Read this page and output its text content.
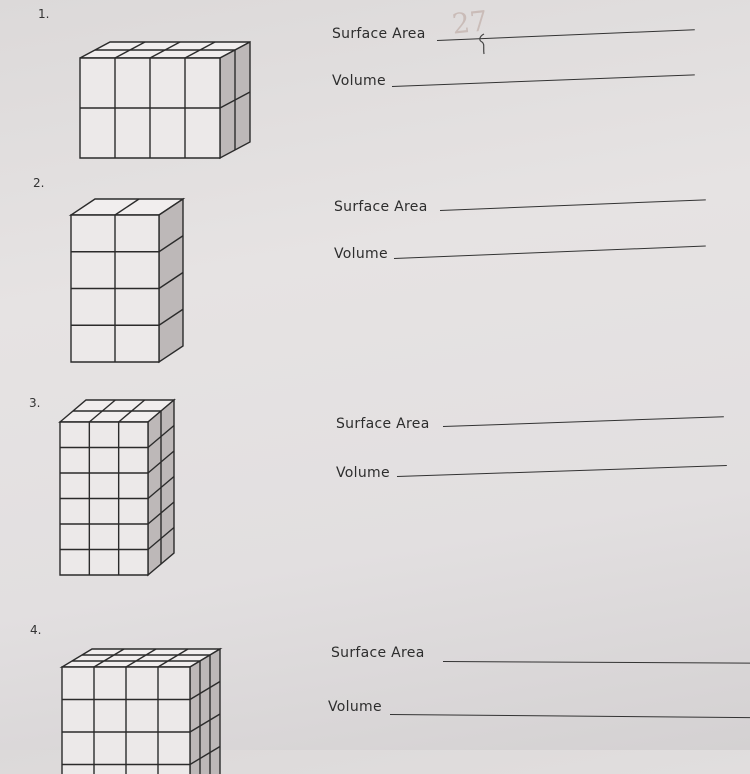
1.
Surface Area 27
Volume
2.
Surface Area
Volume
3.
Surface Area
Volume
4.
Surface Area
Volume
